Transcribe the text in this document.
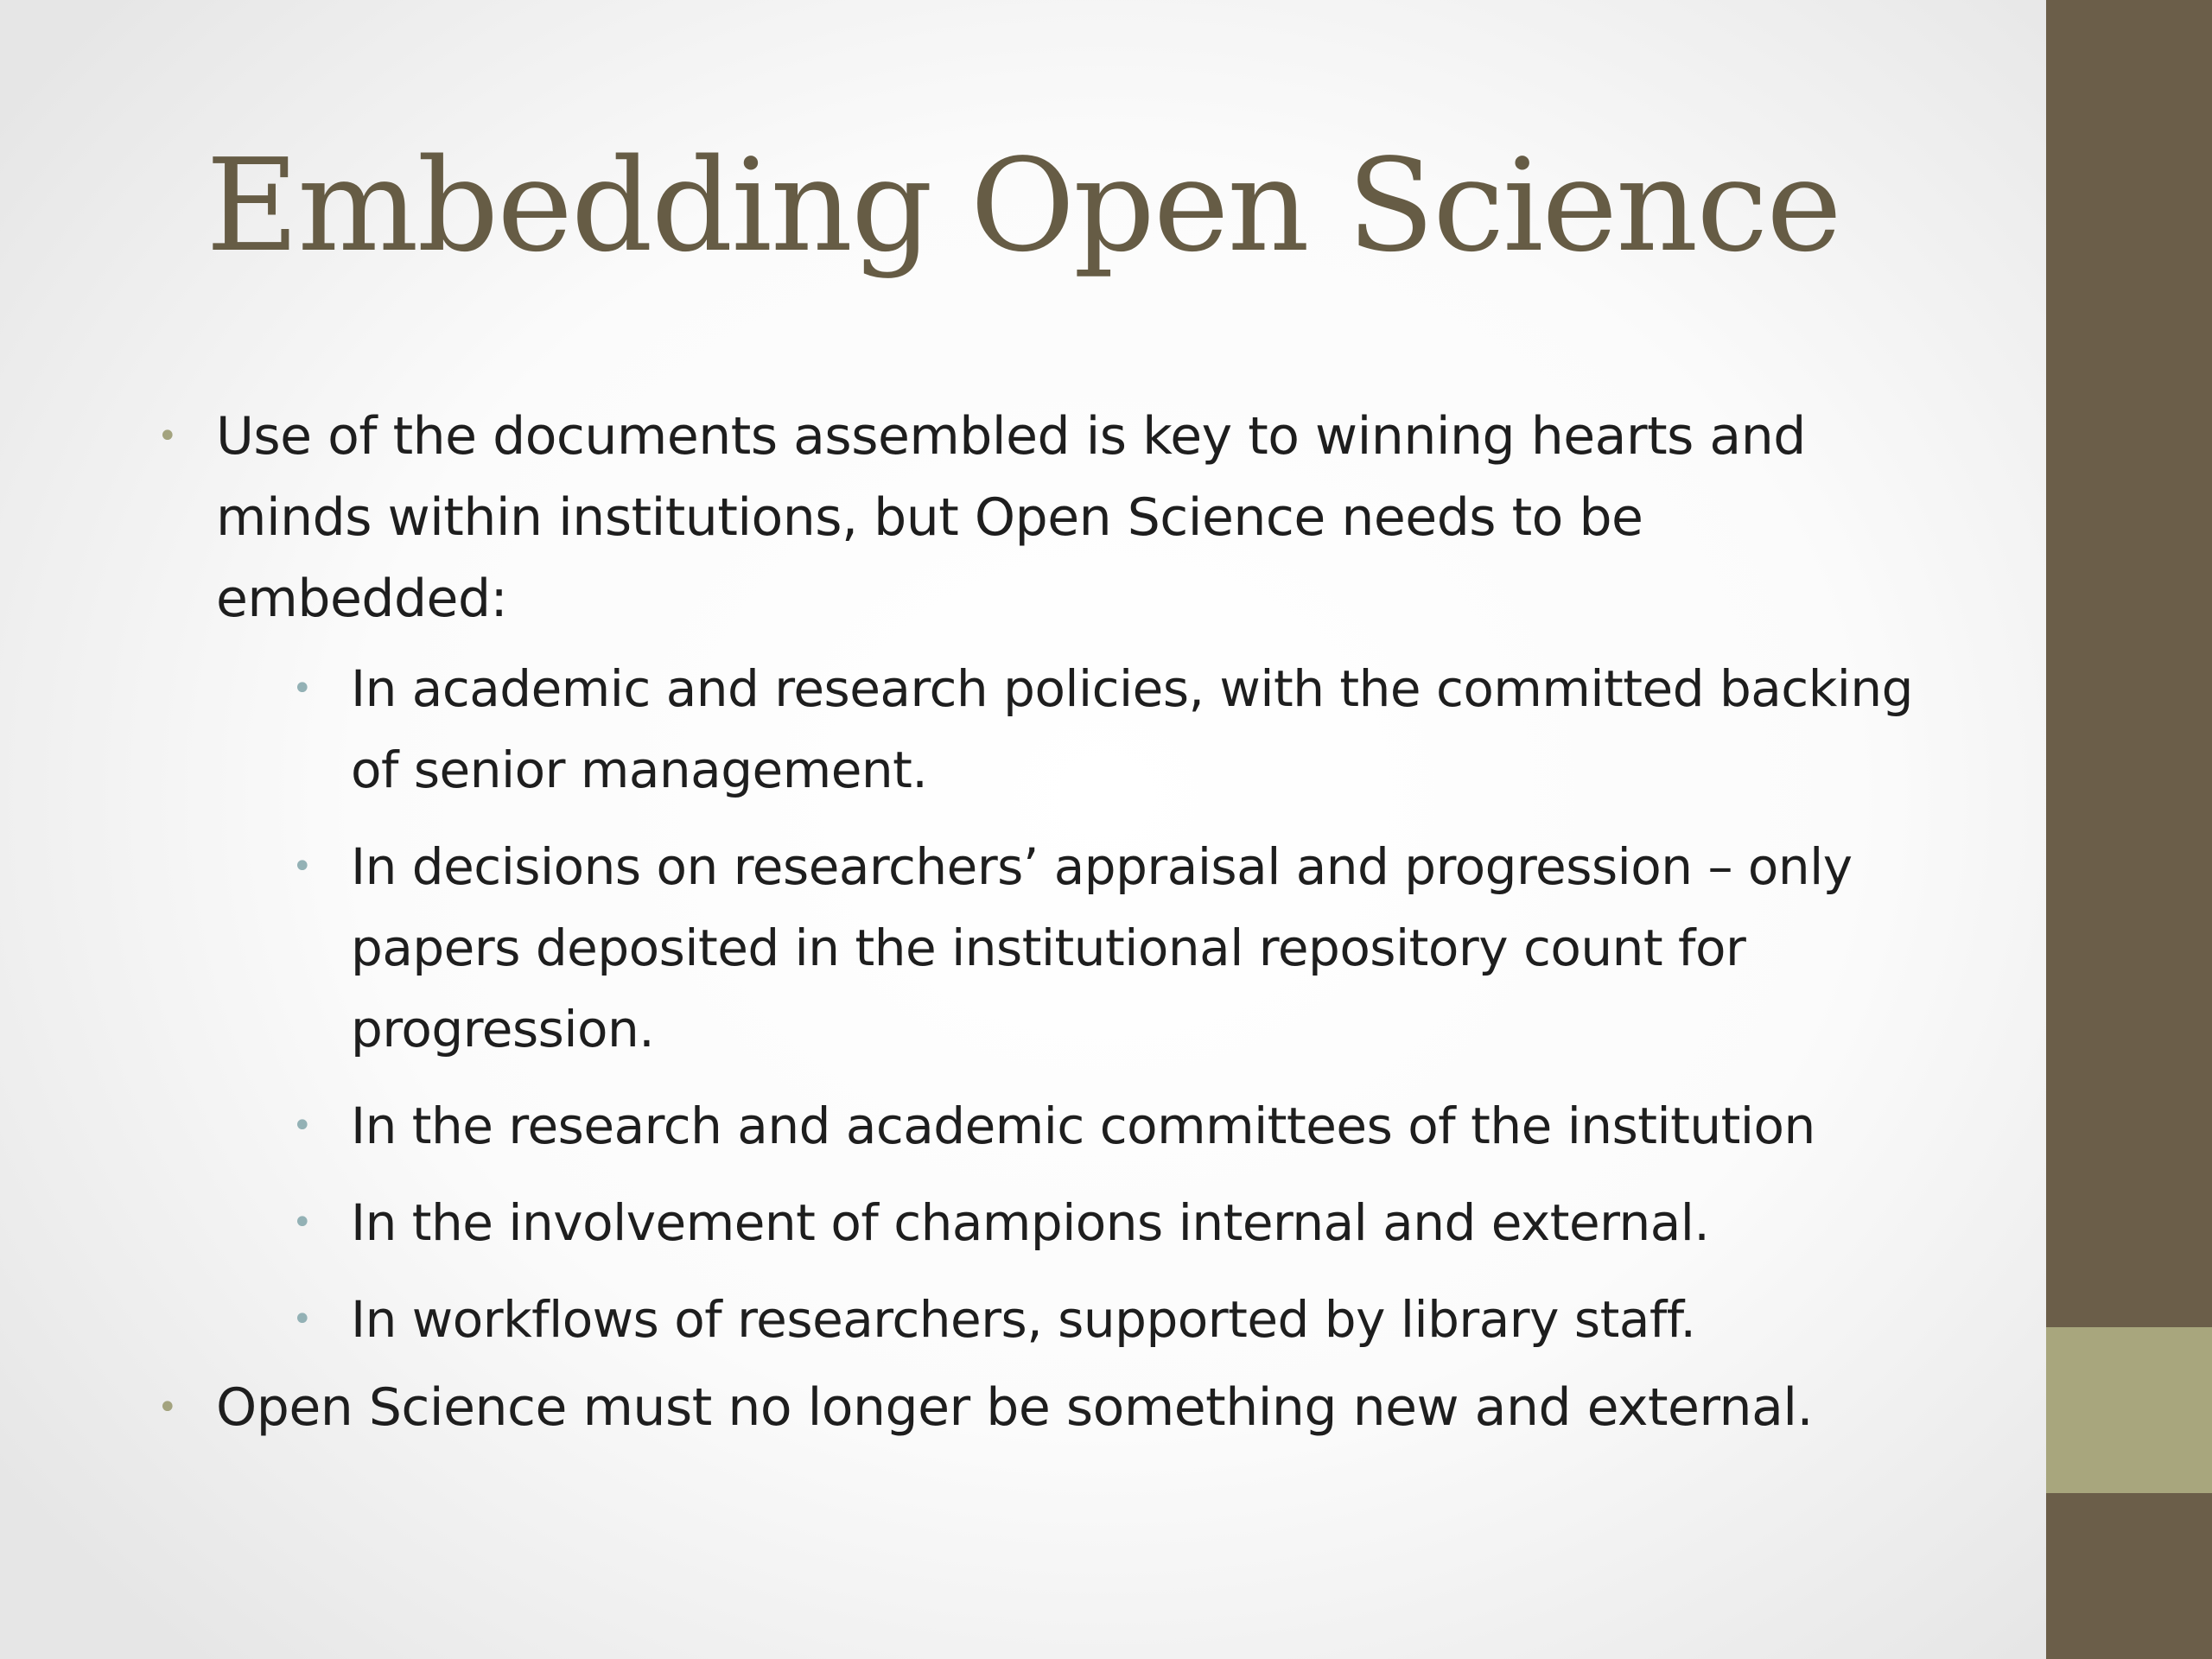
Embedding Open Science
• Use of the documents assembled is key to winning hearts and minds within institutions, but Open Science needs to be embedded:
• In academic and research policies, with the committed backing of senior management.
• In decisions on researchers’ appraisal and progression – only papers deposited in the institutional repository count for progression.
• In the research and academic committees of the institution
• In the involvement of champions internal and external.
• In workflows of researchers, supported by library staff.
• Open Science must no longer be something new and external.
